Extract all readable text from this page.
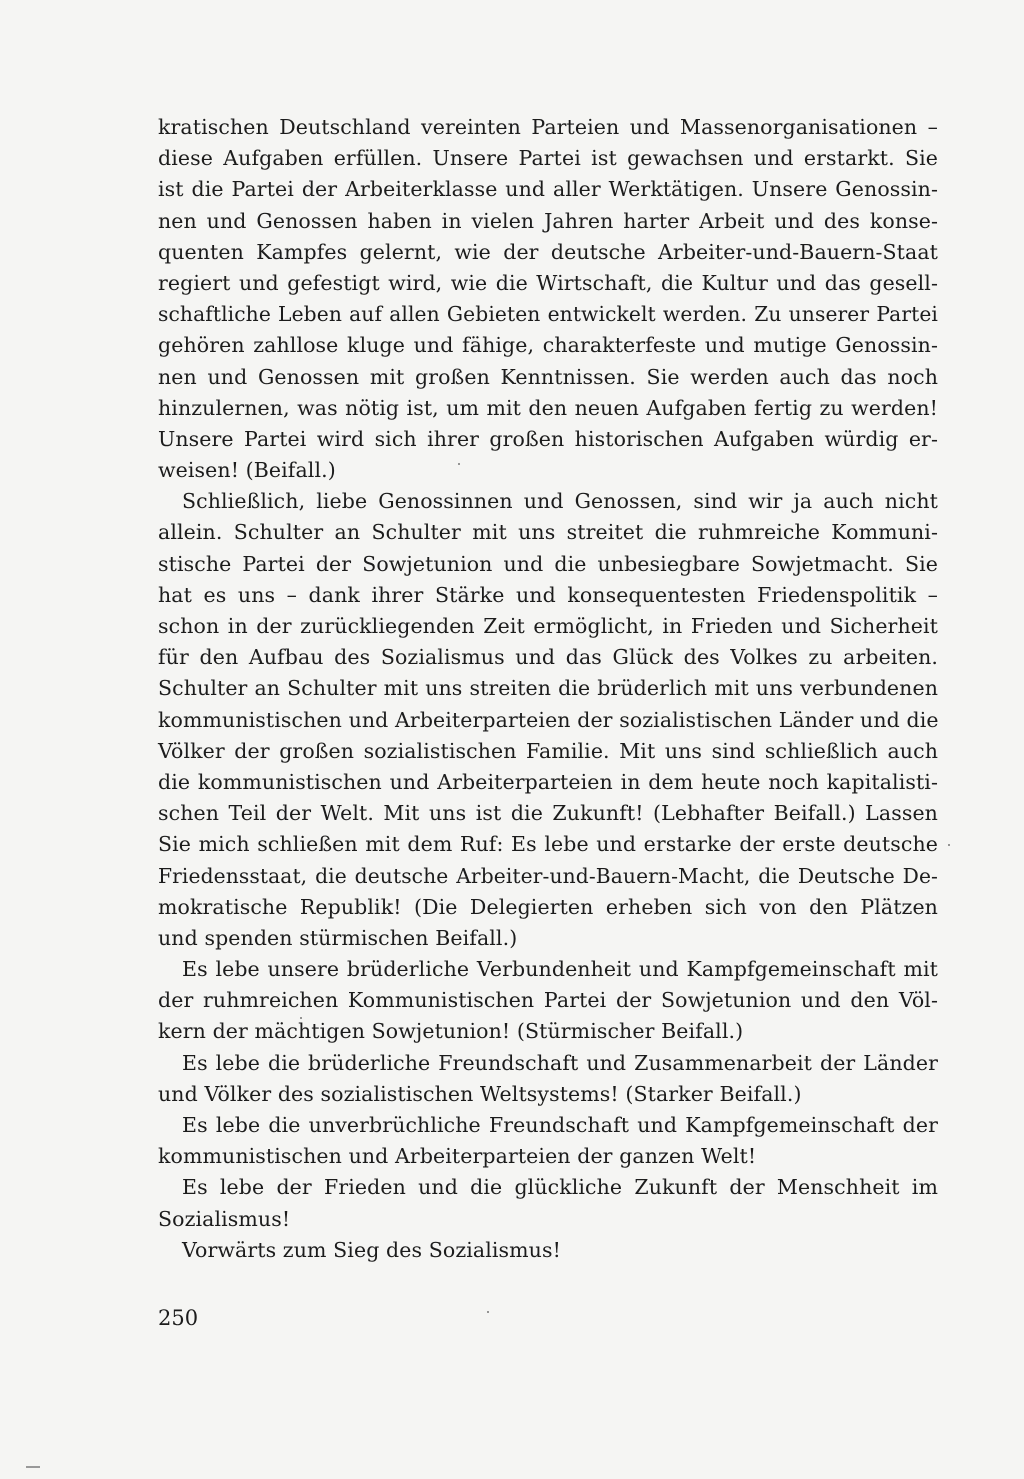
kratischen Deutschland vereinten Parteien und Massenorganisationen –
diese Aufgaben erfüllen. Unsere Partei ist gewachsen und erstarkt. Sie
ist die Partei der Arbeiterklasse und aller Werktätigen. Unsere Genossin-
nen und Genossen haben in vielen Jahren harter Arbeit und des konse-
quenten Kampfes gelernt, wie der deutsche Arbeiter-und-Bauern-Staat
regiert und gefestigt wird, wie die Wirtschaft, die Kultur und das gesell-
schaftliche Leben auf allen Gebieten entwickelt werden. Zu unserer Partei
gehören zahllose kluge und fähige, charakterfeste und mutige Genossin-
nen und Genossen mit großen Kenntnissen. Sie werden auch das noch
hinzulernen, was nötig ist, um mit den neuen Aufgaben fertig zu werden!
Unsere Partei wird sich ihrer großen historischen Aufgaben würdig er-
weisen! (Beifall.)
Schließlich, liebe Genossinnen und Genossen, sind wir ja auch nicht
allein. Schulter an Schulter mit uns streitet die ruhmreiche Kommuni-
stische Partei der Sowjetunion und die unbesiegbare Sowjetmacht. Sie
hat es uns – dank ihrer Stärke und konsequentesten Friedenspolitik –
schon in der zurückliegenden Zeit ermöglicht, in Frieden und Sicherheit
für den Aufbau des Sozialismus und das Glück des Volkes zu arbeiten.
Schulter an Schulter mit uns streiten die brüderlich mit uns verbundenen
kommunistischen und Arbeiterparteien der sozialistischen Länder und die
Völker der großen sozialistischen Familie. Mit uns sind schließlich auch
die kommunistischen und Arbeiterparteien in dem heute noch kapitalisti-
schen Teil der Welt. Mit uns ist die Zukunft! (Lebhafter Beifall.) Lassen
Sie mich schließen mit dem Ruf: Es lebe und erstarke der erste deutsche
Friedensstaat, die deutsche Arbeiter-und-Bauern-Macht, die Deutsche De-
mokratische Republik! (Die Delegierten erheben sich von den Plätzen
und spenden stürmischen Beifall.)
Es lebe unsere brüderliche Verbundenheit und Kampfgemeinschaft mit
der ruhmreichen Kommunistischen Partei der Sowjetunion und den Völ-
kern der mächtigen Sowjetunion! (Stürmischer Beifall.)
Es lebe die brüderliche Freundschaft und Zusammenarbeit der Länder
und Völker des sozialistischen Weltsystems! (Starker Beifall.)
Es lebe die unverbrüchliche Freundschaft und Kampfgemeinschaft der
kommunistischen und Arbeiterparteien der ganzen Welt!
Es lebe der Frieden und die glückliche Zukunft der Menschheit im
Sozialismus!
Vorwärts zum Sieg des Sozialismus!
250
